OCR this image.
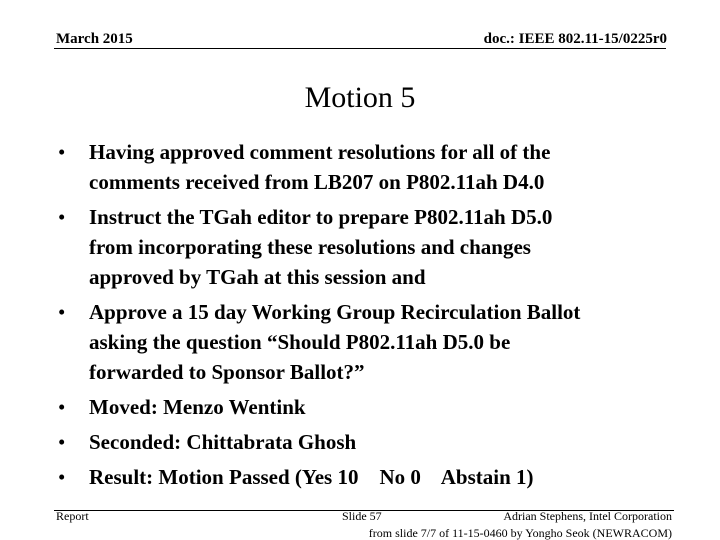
March 2015	doc.: IEEE 802.11-15/0225r0
Motion 5
• Having approved comment resolutions for all of the
comments received from LB207 on P802.11ah D4.0
• Instruct the TGah editor to prepare P802.11ah D5.0
from incorporating these resolutions and changes
approved by TGah at this session and
• Approve a 15 day Working Group Recirculation Ballot
asking the question “Should P802.11ah D5.0 be
forwarded to Sponsor Ballot?”
• Moved: Menzo Wentink
• Seconded: Chittabrata Ghosh
• Result: Motion Passed (Yes 10    No 0    Abstain 1)
Report	Slide 57	Adrian Stephens, Intel Corporation
from slide 7/7 of 11-15-0460 by Yongho Seok (NEWRACOM)
